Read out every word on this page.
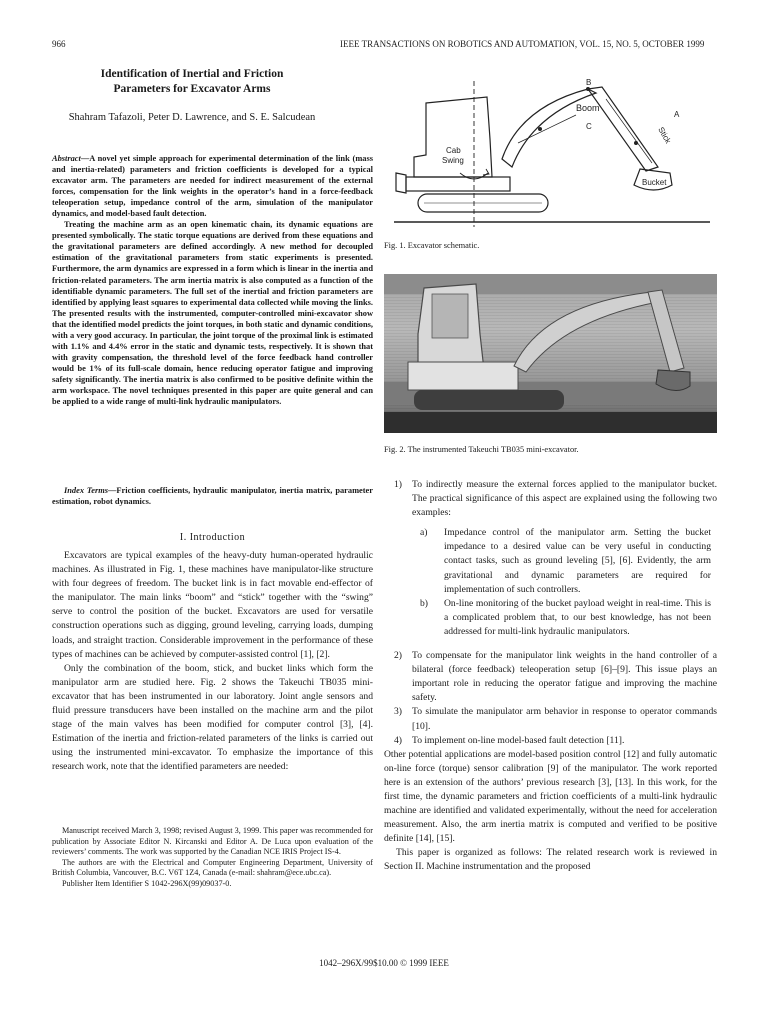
966	IEEE TRANSACTIONS ON ROBOTICS AND AUTOMATION, VOL. 15, NO. 5, OCTOBER 1999
Identification of Inertial and Friction
Parameters for Excavator Arms
Shahram Tafazoli, Peter D. Lawrence, and S. E. Salcudean

Abstract—A novel yet simple approach for experimental determination of the link (mass and inertia-related) parameters and friction coefficients is developed for a typical excavator arm. The parameters are needed for indirect measurement of the external forces, compensation for the link weights in the operator’s hand in a force-feedback teleoperation setup, impedance control of the arm, simulation of the manipulator dynamics, and model-based fault detection.

Treating the machine arm as an open kinematic chain, its dynamic equations are presented symbolically. The static torque equations are derived from these equations and the gravitational parameters are defined accordingly. A new method for decoupled estimation of the gravitational parameters from static experiments is presented. Furthermore, the arm dynamics are expressed in a form which is linear in the inertia and friction-related parameters. The arm inertia matrix is also computed as a function of the identifiable dynamic parameters. The full set of the inertial and friction parameters are identified by applying least squares to experimental data collected while moving the links. The presented results with the instrumented, computer-controlled mini-excavator show that the identified model predicts the joint torques, in both static and dynamic conditions, with a very good accuracy. In particular, the joint torque of the proximal link is estimated with 1.1% and 4.4% error in the static and dynamic tests, respectively. It is shown that with gravity compensation, the threshold level of the force feedback hand controller would be 1% of its full-scale domain, hence reducing operator fatigue and improving safety significantly. The inertia matrix is also confirmed to be positive definite within the arm workspace. The novel techniques presented in this paper are quite general and can be applied to a wide range of multi-link hydraulic manipulators.

Index Terms—Friction coefficients, hydraulic manipulator, inertia matrix, parameter estimation, robot dynamics.
I. Introduction

Excavators are typical examples of the heavy-duty human-operated hydraulic machines. As illustrated in Fig. 1, these machines have manipulator-like structure with four degrees of freedom. The bucket link is in fact movable end-effector of the manipulator. The main links “boom” and “stick” together with the “swing” serve to control the position of the bucket. Excavators are used for versatile construction operations such as digging, ground leveling, carrying loads, dumping loads, and straight traction. Considerable improvement in the performance of these types of machines can be achieved by computer-assisted control [1], [2].

Only the combination of the boom, stick, and bucket links which form the manipulator arm are studied here. Fig. 2 shows the Takeuchi TB035 mini-excavator that has been instrumented in our laboratory. Joint angle sensors and fluid pressure transducers have been installed on the machine arm and the pilot stage of the main valves has been modified for computer control [3], [4]. Estimation of the inertia and friction-related parameters of the links is carried out using the instrumented mini-excavator. To emphasize the importance of this research work, note that the identified parameters are needed:

Manuscript received March 3, 1998; revised August 3, 1999. This paper was recommended for publication by Associate Editor N. Kircanski and Editor A. De Luca upon evaluation of the reviewers’ comments. The work was supported by the Canadian NCE IRIS Project IS-4.

The authors are with the Electrical and Computer Engineering Department, University of British Columbia, Vancouver, B.C. V6T 1Z4, Canada (e-mail: shahram@ece.ubc.ca).

Publisher Item Identifier S 1042-296X(99)09037-0.

B
Boom
A
C	Stick
Bucket
Cab
Swing
Fig. 1. Excavator schematic.
Fig. 2. The instrumented Takeuchi TB035 mini-excavator.
1) To indirectly measure the external forces applied to the manipulator bucket. The practical significance of this aspect are explained using the following two examples:
a) Impedance control of the manipulator arm. Setting the bucket impedance to a desired value can be very useful in conducting contact tasks, such as ground leveling [5], [6]. Evidently, the arm gravitational and dynamic parameters are required for implementation of such controllers.
b) On-line monitoring of the bucket payload weight in real-time. This is a complicated problem that, to our best knowledge, has not been addressed for multi-link hydraulic manipulators.
2) To compensate for the manipulator link weights in the hand controller of a bilateral (force feedback) teleoperation setup [6]–[9]. This issue plays an important role in reducing the operator fatigue and improving the machine safety.
3) To simulate the manipulator arm behavior in response to operator commands [10].
4) To implement on-line model-based fault detection [11].
Other potential applications are model-based position control [12] and fully automatic on-line force (torque) sensor calibration [9] of the manipulator. The work reported here is an extension of the authors’ previous research [3], [13]. In this work, for the first time, the dynamic parameters and friction coefficients of a multi-link hydraulic machine are identified and validated experimentally, without the need for acceleration measurement. Also, the arm inertia matrix is computed and verified to be positive definite [14], [15].
This paper is organized as follows: The related research work is reviewed in Section II. Machine instrumentation and the proposed
1042–296X/99$10.00 © 1999 IEEE
